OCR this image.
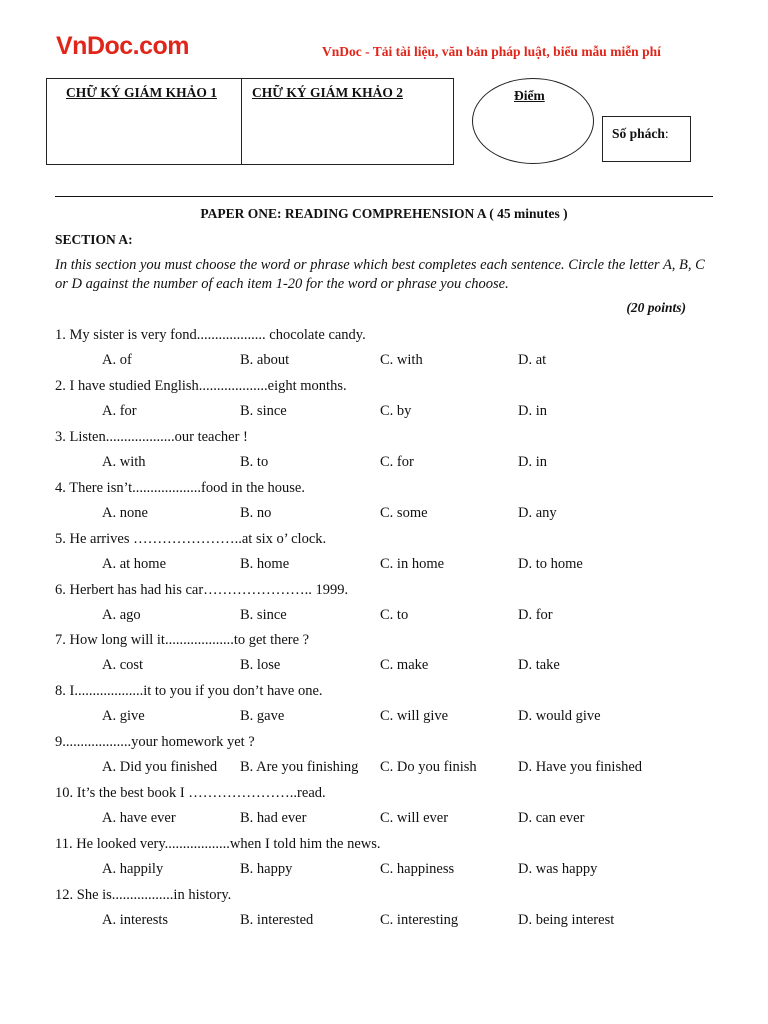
VnDoc.com	VnDoc - Tải tài liệu, văn bản pháp luật, biểu mẫu miễn phí
CHỮ KÝ GIÁM KHẢO 1	CHỮ KÝ GIÁM KHẢO 2	Điểm
Số phách:
PAPER ONE: READING COMPREHENSION A ( 45 minutes )
SECTION A:
In this section you must choose the word or phrase which best completes each sentence. Circle the letter A, B, C or D against the number of each item 1-20 for the word or phrase you choose.
(20 points)
1. My sister is very fond................... chocolate candy.
A. of	B. about	C. with	D. at
2. I have studied English...................eight months.
A. for	B. since	C. by	D. in
3. Listen...................our teacher !
A. with	B. to	C. for	D. in
4. There isn’t...................food in the house.
A. none	B. no	C. some	D. any
5. He arrives …………………..at six o’ clock.
A. at home	B. home	C. in home	D. to home
6. Herbert has had his car………………….. 1999.
A. ago	B. since	C. to	D. for
7. How long will it...................to get there ?
A. cost	B. lose	C. make	D. take
8. I...................it to you if you don’t have one.
A. give	B. gave	C. will give	D. would give
9...................your homework yet ?
A. Did you finished B. Are you finishing C. Do you finish	D. Have you finished
10. It’s the best book I …………………..read.
A. have ever	B. had ever	C. will ever	D. can ever
11. He looked very..................when I told him the news.
A. happily	B. happy	C. happiness	D. was happy
12. She is.................in history.
A. interests	B. interested	C. interesting	D. being interest
